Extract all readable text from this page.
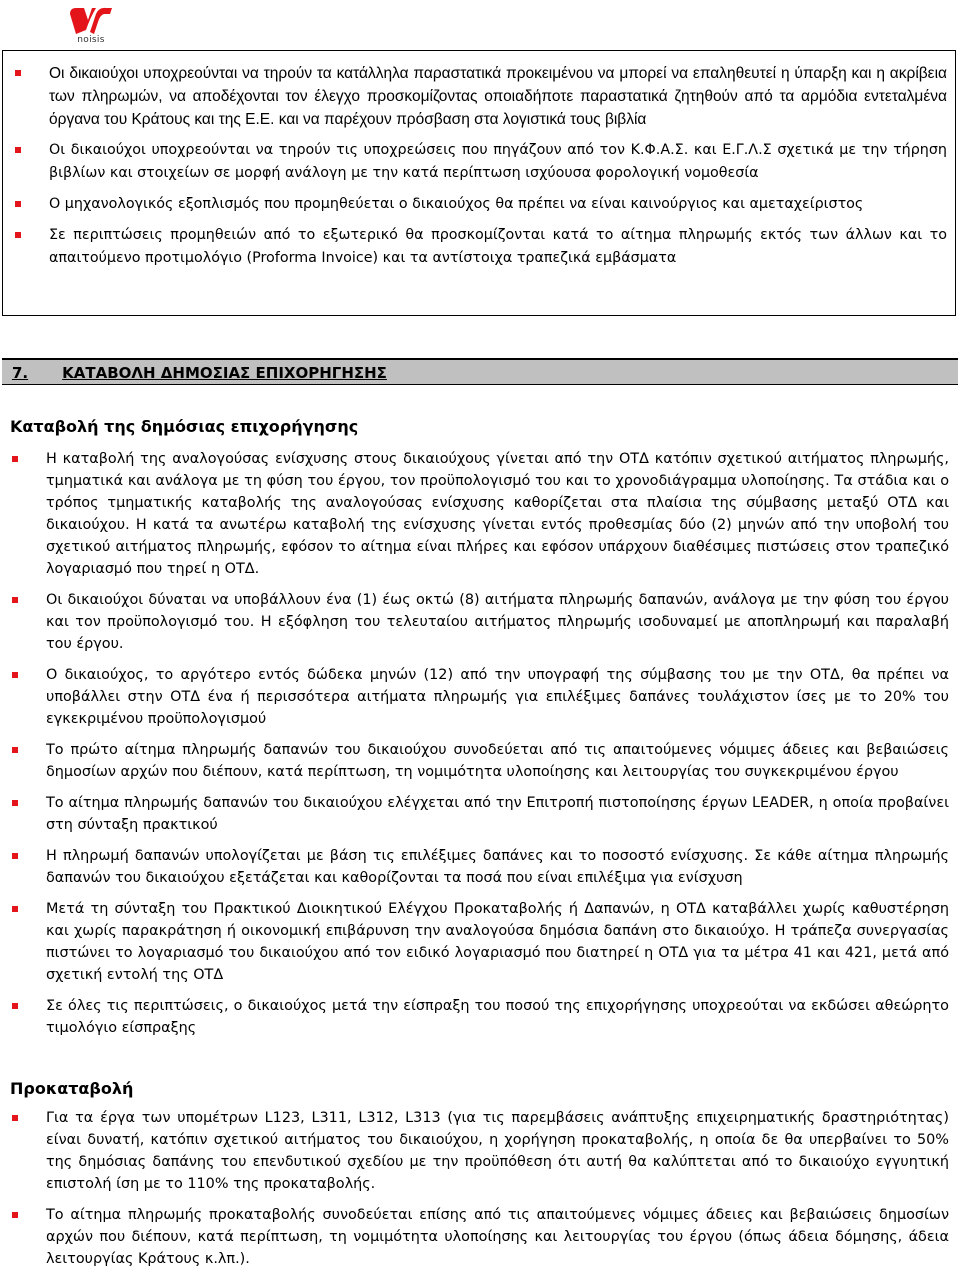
noisis
Οι δικαιούχοι υποχρεούνται να τηρούν τα κατάλληλα παραστατικά προκειμένου να μπορεί να επαληθευτεί η ύπαρξη και η ακρίβεια των πληρωμών, να αποδέχονται τον έλεγχο προσκομίζοντας οποιαδήποτε παραστατικά ζητηθούν από τα αρμόδια εντεταλμένα όργανα του Κράτους και της Ε.Ε. και να παρέχουν πρόσβαση στα λογιστικά τους βιβλία
Οι δικαιούχοι υποχρεούνται να τηρούν τις υποχρεώσεις που πηγάζουν από τον Κ.Φ.Α.Σ. και Ε.Γ.Λ.Σ σχετικά με την τήρηση βιβλίων και στοιχείων σε μορφή ανάλογη με την κατά περίπτωση ισχύουσα φορολογική νομοθεσία
Ο μηχανολογικός εξοπλισμός που προμηθεύεται ο δικαιούχος θα πρέπει να είναι καινούργιος και αμεταχείριστος
Σε περιπτώσεις προμηθειών από το εξωτερικό θα προσκομίζονται κατά το αίτημα πληρωμής εκτός των άλλων και το απαιτούμενο προτιμολόγιο (Proforma Invoice) και τα αντίστοιχα τραπεζικά εμβάσματα
7. ΚΑΤΑΒΟΛΗ ΔΗΜΟΣΙΑΣ ΕΠΙΧΟΡΗΓΗΣΗΣ
Καταβολή της δημόσιας επιχορήγησης
Η καταβολή της αναλογούσας ενίσχυσης στους δικαιούχους γίνεται από την ΟΤΔ κατόπιν σχετικού αιτήματος πληρωμής, τμηματικά και ανάλογα με τη φύση του έργου, τον προϋπολογισμό του και το χρονοδιάγραμμα υλοποίησης. Τα στάδια και ο τρόπος τμηματικής καταβολής της αναλογούσας ενίσχυσης καθορίζεται στα πλαίσια της σύμβασης μεταξύ ΟΤΔ και δικαιούχου. Η κατά τα ανωτέρω καταβολή της ενίσχυσης γίνεται εντός προθεσμίας δύο (2) μηνών από την υποβολή του σχετικού αιτήματος πληρωμής, εφόσον το αίτημα είναι πλήρες και εφόσον υπάρχουν διαθέσιμες πιστώσεις στον τραπεζικό λογαριασμό που τηρεί η ΟΤΔ.
Οι δικαιούχοι δύναται να υποβάλλουν ένα (1) έως οκτώ (8) αιτήματα πληρωμής δαπανών, ανάλογα με την φύση του έργου και τον προϋπολογισμό του. Η εξόφληση του τελευταίου αιτήματος πληρωμής ισοδυναμεί με αποπληρωμή και παραλαβή του έργου.
Ο δικαιούχος, το αργότερο εντός δώδεκα μηνών (12) από την υπογραφή της σύμβασης του με την ΟΤΔ, θα πρέπει να υποβάλλει στην ΟΤΔ ένα ή περισσότερα αιτήματα πληρωμής για επιλέξιμες δαπάνες τουλάχιστον ίσες με το 20% του εγκεκριμένου προϋπολογισμού
Το πρώτο αίτημα πληρωμής δαπανών του δικαιούχου συνοδεύεται από τις απαιτούμενες νόμιμες άδειες και βεβαιώσεις δημοσίων αρχών που διέπουν, κατά περίπτωση, τη νομιμότητα υλοποίησης και λειτουργίας του συγκεκριμένου έργου
Το αίτημα πληρωμής δαπανών του δικαιούχου ελέγχεται από την Επιτροπή πιστοποίησης έργων LEADER, η οποία προβαίνει στη σύνταξη πρακτικού
Η πληρωμή δαπανών υπολογίζεται με βάση τις επιλέξιμες δαπάνες και το ποσοστό ενίσχυσης. Σε κάθε αίτημα πληρωμής δαπανών του δικαιούχου εξετάζεται και καθορίζονται τα ποσά που είναι επιλέξιμα για ενίσχυση
Μετά τη σύνταξη του Πρακτικού Διοικητικού Ελέγχου Προκαταβολής ή Δαπανών, η ΟΤΔ καταβάλλει χωρίς καθυστέρηση και χωρίς παρακράτηση ή οικονομική επιβάρυνση την αναλογούσα δημόσια δαπάνη στο δικαιούχο. Η τράπεζα συνεργασίας πιστώνει το λογαριασμό του δικαιούχου από τον ειδικό λογαριασμό που διατηρεί η ΟΤΔ για τα μέτρα 41 και 421, μετά από σχετική εντολή της ΟΤΔ
Σε όλες τις περιπτώσεις, ο δικαιούχος μετά την είσπραξη του ποσού της επιχορήγησης υποχρεούται να εκδώσει αθεώρητο τιμολόγιο είσπραξης
Προκαταβολή
Για τα έργα των υπομέτρων L123, L311, L312, L313 (για τις παρεμβάσεις ανάπτυξης επιχειρηματικής δραστηριότητας) είναι δυνατή, κατόπιν σχετικού αιτήματος του δικαιούχου, η χορήγηση προκαταβολής, η οποία δε θα υπερβαίνει το 50% της δημόσιας δαπάνης του επενδυτικού σχεδίου με την προϋπόθεση ότι αυτή θα καλύπτεται από το δικαιούχο εγγυητική επιστολή ίση με το 110% της προκαταβολής.
Το αίτημα πληρωμής προκαταβολής συνοδεύεται επίσης από τις απαιτούμενες νόμιμες άδειες και βεβαιώσεις δημοσίων αρχών που διέπουν, κατά περίπτωση, τη νομιμότητα υλοποίησης και λειτουργίας του έργου (όπως άδεια δόμησης, άδεια λειτουργίας Κράτους κ.λπ.).
